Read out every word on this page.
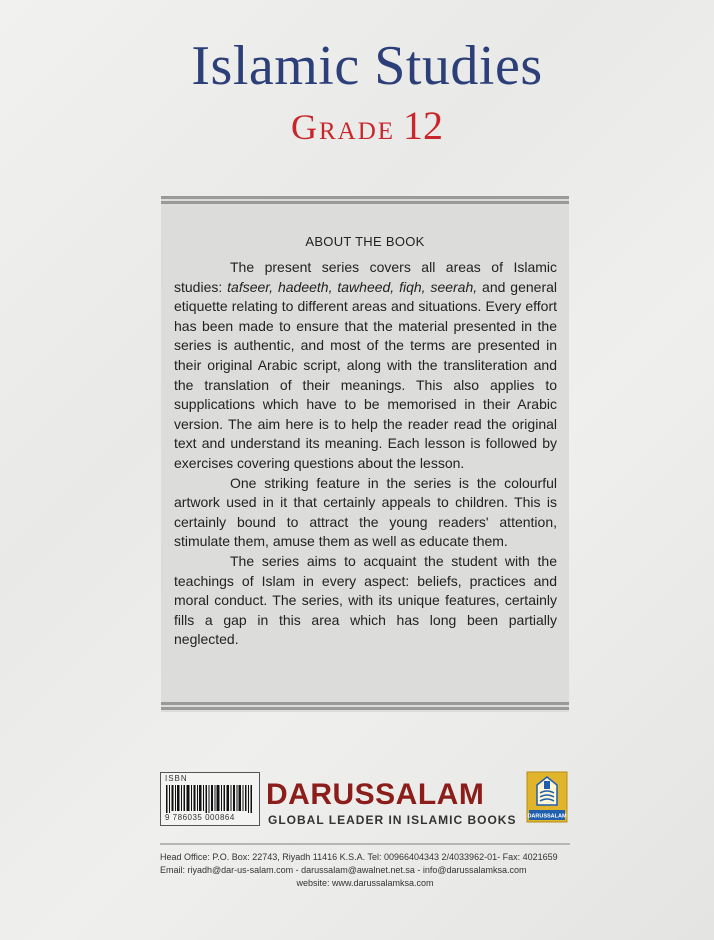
Islamic Studies
Grade 12
ABOUT THE BOOK

The present series covers all areas of Islamic studies: tafseer, hadeeth, tawheed, fiqh, seerah, and general etiquette relating to different areas and situations. Every effort has been made to ensure that the material presented in the series is authentic, and most of the terms are presented in their original Arabic script, along with the transliteration and the translation of their meanings. This also applies to supplications which have to be memorised in their Arabic version. The aim here is to help the reader read the original text and understand its meaning. Each lesson is followed by exercises covering questions about the lesson.

One striking feature in the series is the colourful artwork used in it that certainly appeals to children. This is certainly bound to attract the young readers' attention, stimulate them, amuse them as well as educate them.

The series aims to acquaint the student with the teachings of Islam in every aspect: beliefs, practices and moral conduct. The series, with its unique features, certainly fills a gap in this area which has long been partially neglected.

ISBN
9 786035 000864
DARUSSALAM
GLOBAL LEADER IN ISLAMIC BOOKS DARUSSALAM
Head Office: P.O. Box: 22743, Riyadh 11416 K.S.A. Tel: 00966404343 2/4033962-01- Fax: 4021659
Email: riyadh@dar-us-salam.com - darussalam@awalnet.net.sa - info@darussalamksa.com
website: www.darussalamksa.com
